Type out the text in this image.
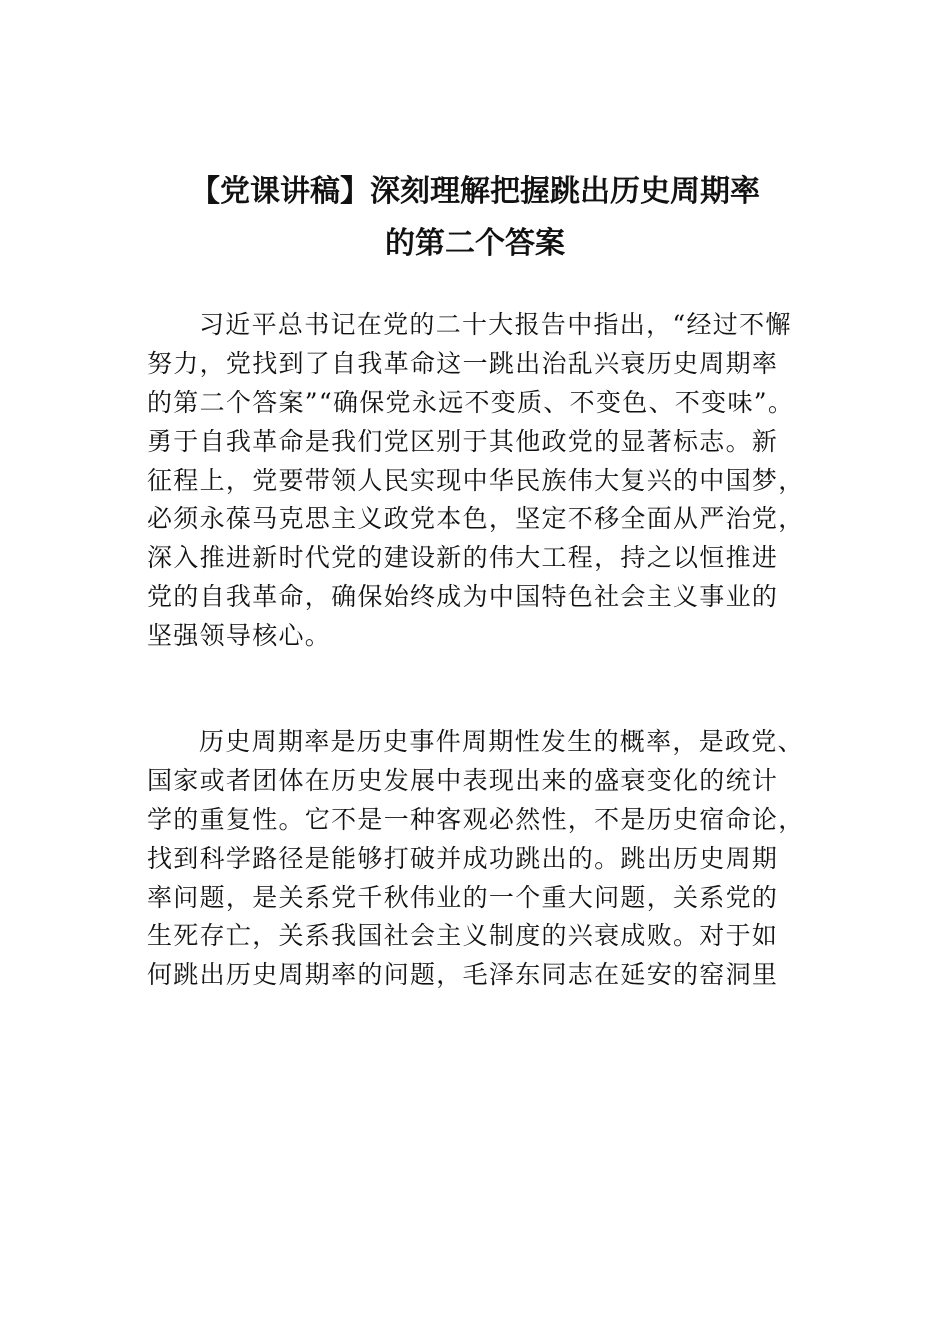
【党课讲稿】深刻理解把握跳出历史周期率
的第二个答案
习近平总书记在党的二十大报告中指出，“经过不懈
努力，党找到了自我革命这一跳出治乱兴衰历史周期率
的第二个答案”“确保党永远不变质、不变色、不变味”。
勇于自我革命是我们党区别于其他政党的显著标志。新
征程上，党要带领人民实现中华民族伟大复兴的中国梦，
必须永葆马克思主义政党本色，坚定不移全面从严治党，
深入推进新时代党的建设新的伟大工程，持之以恒推进
党的自我革命，确保始终成为中国特色社会主义事业的
坚强领导核心。
历史周期率是历史事件周期性发生的概率，是政党、
国家或者团体在历史发展中表现出来的盛衰变化的统计
学的重复性。它不是一种客观必然性，不是历史宿命论，
找到科学路径是能够打破并成功跳出的。跳出历史周期
率问题，是关系党千秋伟业的一个重大问题，关系党的
生死存亡，关系我国社会主义制度的兴衰成败。对于如
何跳出历史周期率的问题，毛泽东同志在延安的窑洞里
